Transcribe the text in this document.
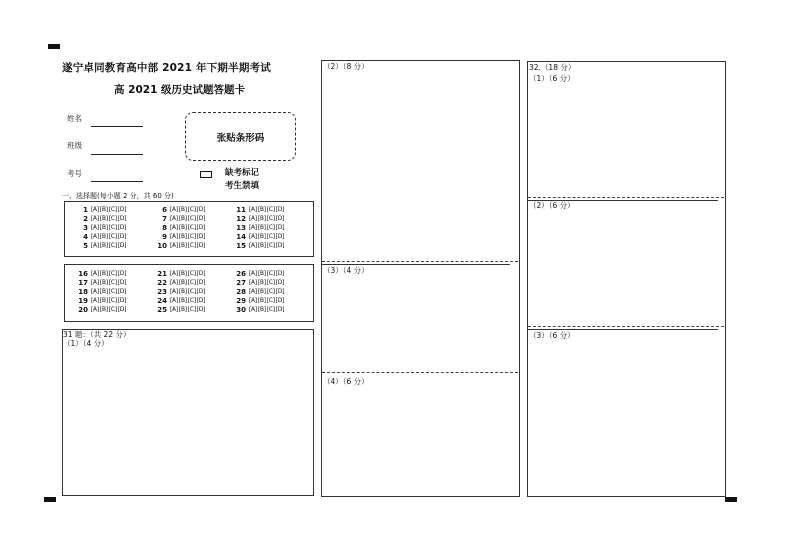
遂宁卓同教育高中部 2021 年下期半期考试
高 2021 级历史试题答题卡
姓名
班级
考号
张贴条形码
缺考标记
考生禁填
一、选择题(每小题 2 分，共 60 分)
1 [A] [B] [C] [D]
2 [A] [B] [C] [D]
3 [A] [B] [C] [D]
4 [A] [B] [C] [D]
5 [A] [B] [C] [D]
6 [A] [B] [C] [D]
7 [A] [B] [C] [D]
8 [A] [B] [C] [D]
9 [A] [B] [C] [D]
10 [A] [B] [C] [D]
11 [A] [B] [C] [D]
12 [A] [B] [C] [D]
13 [A] [B] [C] [D]
14 [A] [B] [C] [D]
15 [A] [B] [C] [D]
16 [A] [B] [C] [D]
17 [A] [B] [C] [D]
18 [A] [B] [C] [D]
19 [A] [B] [C] [D]
20 [A] [B] [C] [D]
21 [A] [B] [C] [D]
22 [A] [B] [C] [D]
23 [A] [B] [C] [D]
24 [A] [B] [C] [D]
25 [A] [B] [C] [D]
26 [A] [B] [C] [D]
27 [A] [B] [C] [D]
28 [A] [B] [C] [D]
29 [A] [B] [C] [D]
30 [A] [B] [C] [D]
31 题：（共 22 分）
（1）（4 分）
（2）（8 分）
（3）（4 分）
（4）（6 分）
32.（18 分）
（1）（6 分）
（2）（6 分）
（3）（6 分）
